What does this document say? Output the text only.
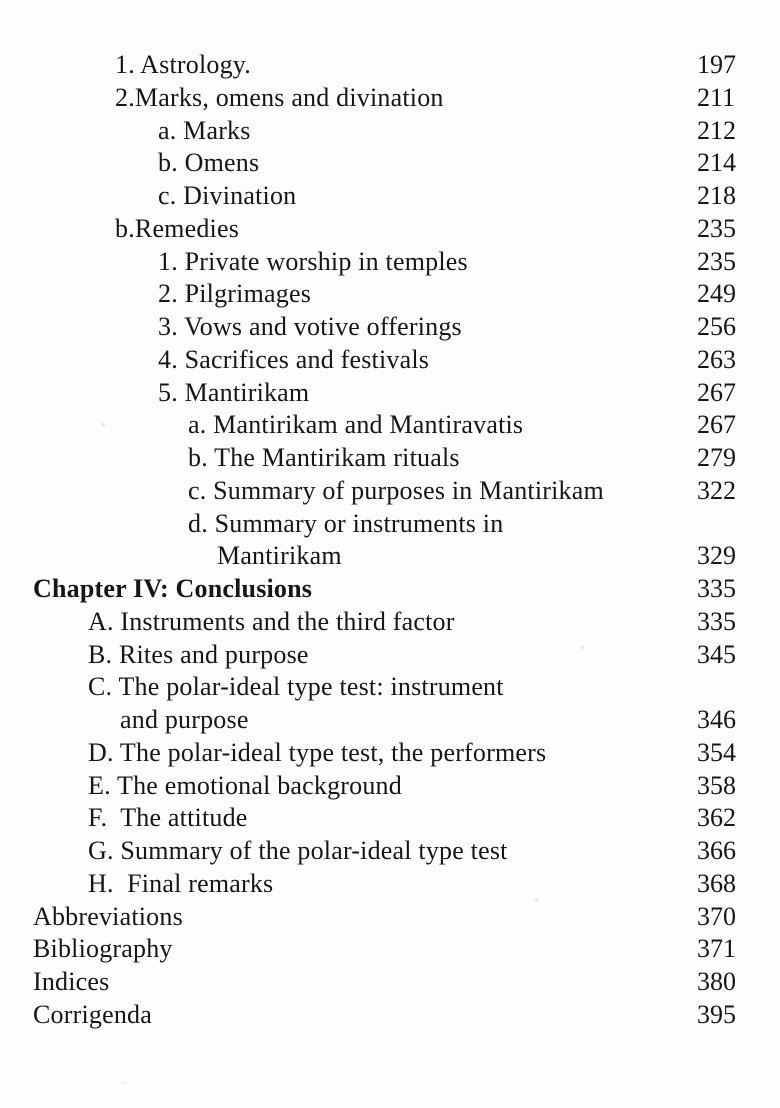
1. Astrology.	197
2.Marks, omens and divination	211
a. Marks	212
b. Omens	214
c. Divination	218
b.Remedies	235
1. Private worship in temples	235
2. Pilgrimages	249
3. Vows and votive offerings	256
4. Sacrifices and festivals	263
5. Mantirikam	267
a. Mantirikam and Mantiravatis	267
b. The Mantirikam rituals	279
c. Summary of purposes in Mantirikam	322
d. Summary or instruments in
Mantirikam	329
Chapter IV: Conclusions	335
A. Instruments and the third factor	335
B. Rites and purpose	345
C. The polar-ideal type test: instrument
and purpose	346
D. The polar-ideal type test, the performers	354
E. The emotional background	358
F.  The attitude	362
G. Summary of the polar-ideal type test	366
H.  Final remarks	368
Abbreviations	370
Bibliography	371
Indices	380
Corrigenda	395
